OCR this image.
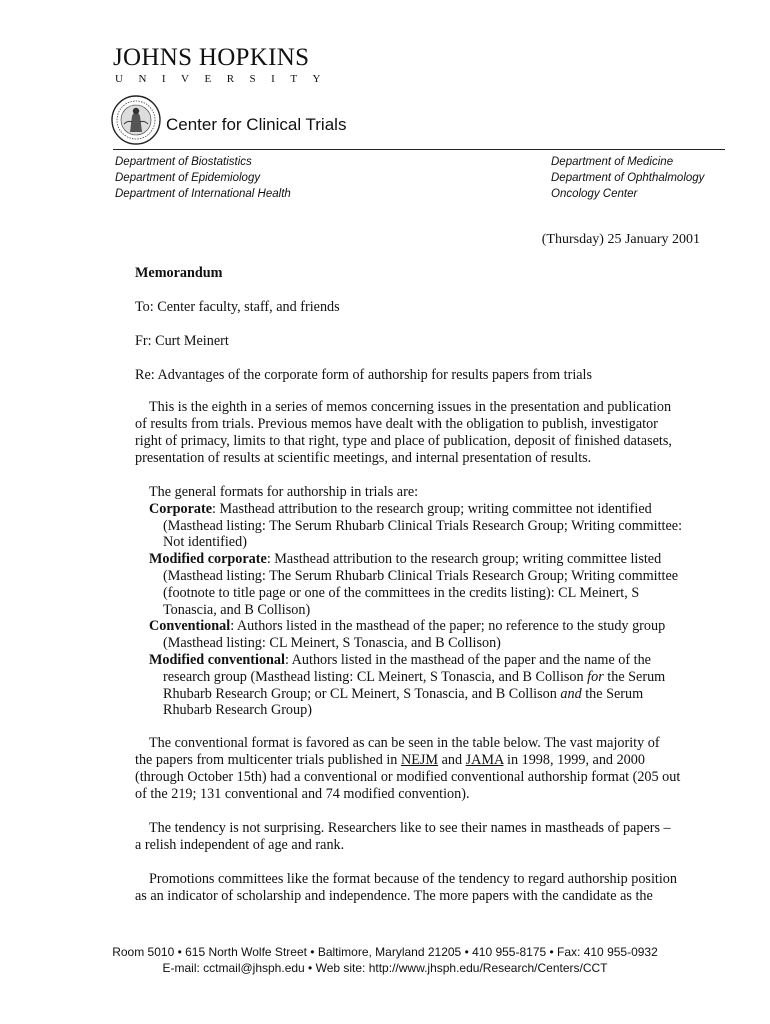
JOHNS HOPKINS
UNIVERSITY
Center for Clinical Trials
Department of Biostatistics
Department of Epidemiology
Department of International Health
Department of Medicine
Department of Ophthalmology
Oncology Center
(Thursday) 25 January 2001
Memorandum
To: Center faculty, staff, and friends
Fr: Curt Meinert
Re: Advantages of the corporate form of authorship for results papers from trials

This is the eighth in a series of memos concerning issues in the presentation and publication
of results from trials. Previous memos have dealt with the obligation to publish, investigator
right of primacy, limits to that right, type and place of publication, deposit of finished datasets,
presentation of results at scientific meetings, and internal presentation of results.

The general formats for authorship in trials are:
Corporate: Masthead attribution to the research group; writing committee not identified
(Masthead listing: The Serum Rhubarb Clinical Trials Research Group; Writing committee:
Not identified)
Modified corporate: Masthead attribution to the research group; writing committee listed
(Masthead listing: The Serum Rhubarb Clinical Trials Research Group; Writing committee
(footnote to title page or one of the committees in the credits listing): CL Meinert, S
Tonascia, and B Collison)
Conventional: Authors listed in the masthead of the paper; no reference to the study group
(Masthead listing: CL Meinert, S Tonascia, and B Collison)
Modified conventional: Authors listed in the masthead of the paper and the name of the
research group (Masthead listing: CL Meinert, S Tonascia, and B Collison for the Serum
Rhubarb Research Group; or CL Meinert, S Tonascia, and B Collison and the Serum
Rhubarb Research Group)

The conventional format is favored as can be seen in the table below. The vast majority of
the papers from multicenter trials published in NEJM and JAMA in 1998, 1999, and 2000
(through October 15th) had a conventional or modified conventional authorship format (205 out
of the 219; 131 conventional and 74 modified convention).

The tendency is not surprising. Researchers like to see their names in mastheads of papers –
a relish independent of age and rank.

Promotions committees like the format because of the tendency to regard authorship position
as an indicator of scholarship and independence. The more papers with the candidate as the

Room 5010 • 615 North Wolfe Street • Baltimore, Maryland 21205 • 410 955-8175 • Fax: 410 955-0932
E-mail: cctmail@jhsph.edu • Web site: http://www.jhsph.edu/Research/Centers/CCT
